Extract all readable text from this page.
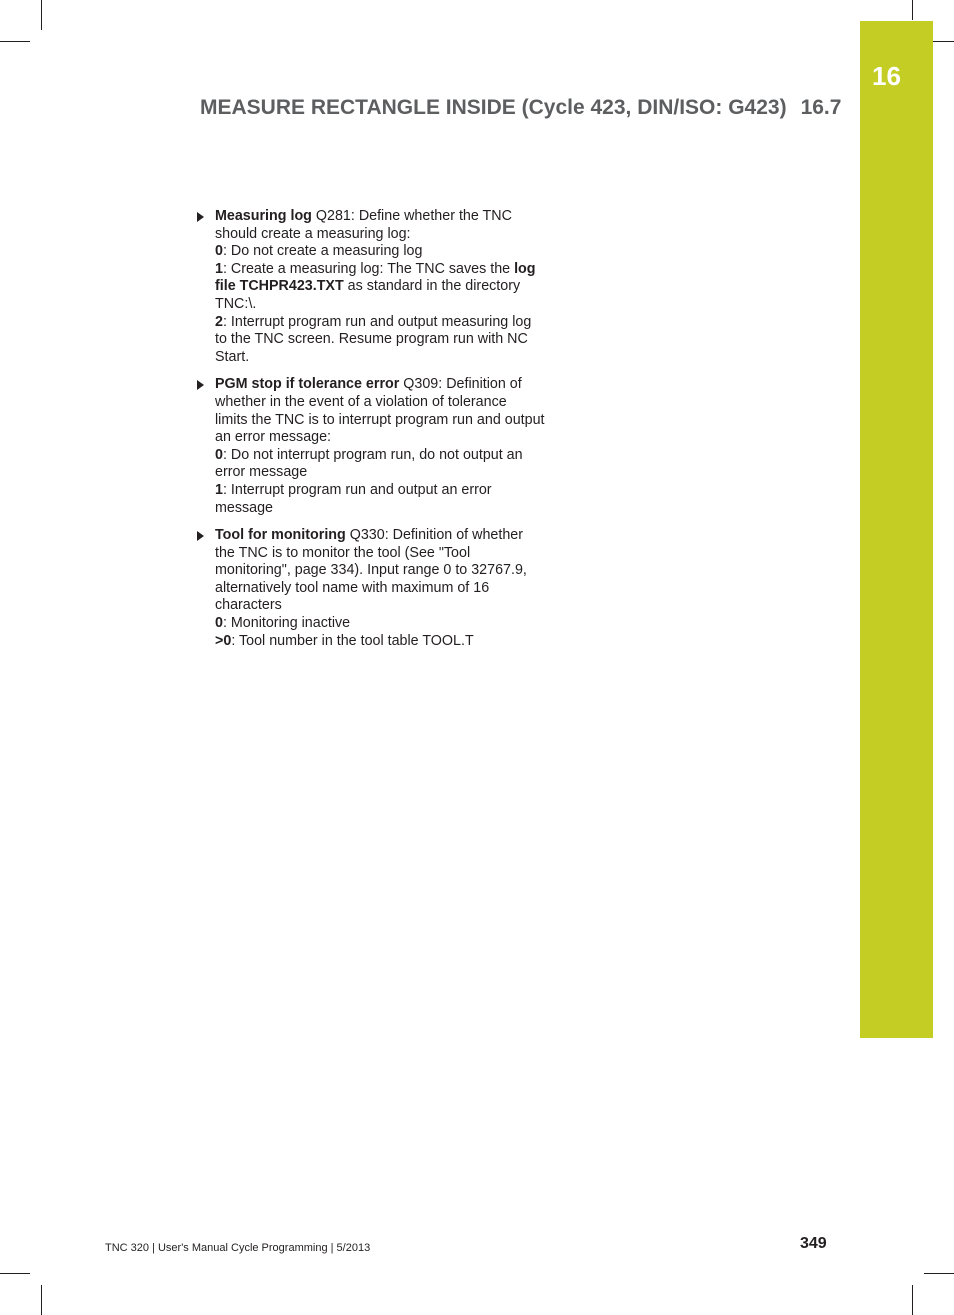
16
MEASURE RECTANGLE INSIDE (Cycle 423, DIN/ISO: G423) 16.7
Measuring log Q281: Define whether the TNC
should create a measuring log:
0: Do not create a measuring log
1: Create a measuring log: The TNC saves the log
file TCHPR423.TXT as standard in the directory
TNC:\.
2: Interrupt program run and output measuring log
to the TNC screen. Resume program run with NC
Start.
PGM stop if tolerance error Q309: Definition of
whether in the event of a violation of tolerance
limits the TNC is to interrupt program run and output
an error message:
0: Do not interrupt program run, do not output an
error message
1: Interrupt program run and output an error
message
Tool for monitoring Q330: Definition of whether
the TNC is to monitor the tool (See "Tool
monitoring", page 334). Input range 0 to 32767.9,
alternatively tool name with maximum of 16
characters
0: Monitoring inactive
>0: Tool number in the tool table TOOL.T
TNC 320 | User's Manual Cycle Programming | 5/2013	349
